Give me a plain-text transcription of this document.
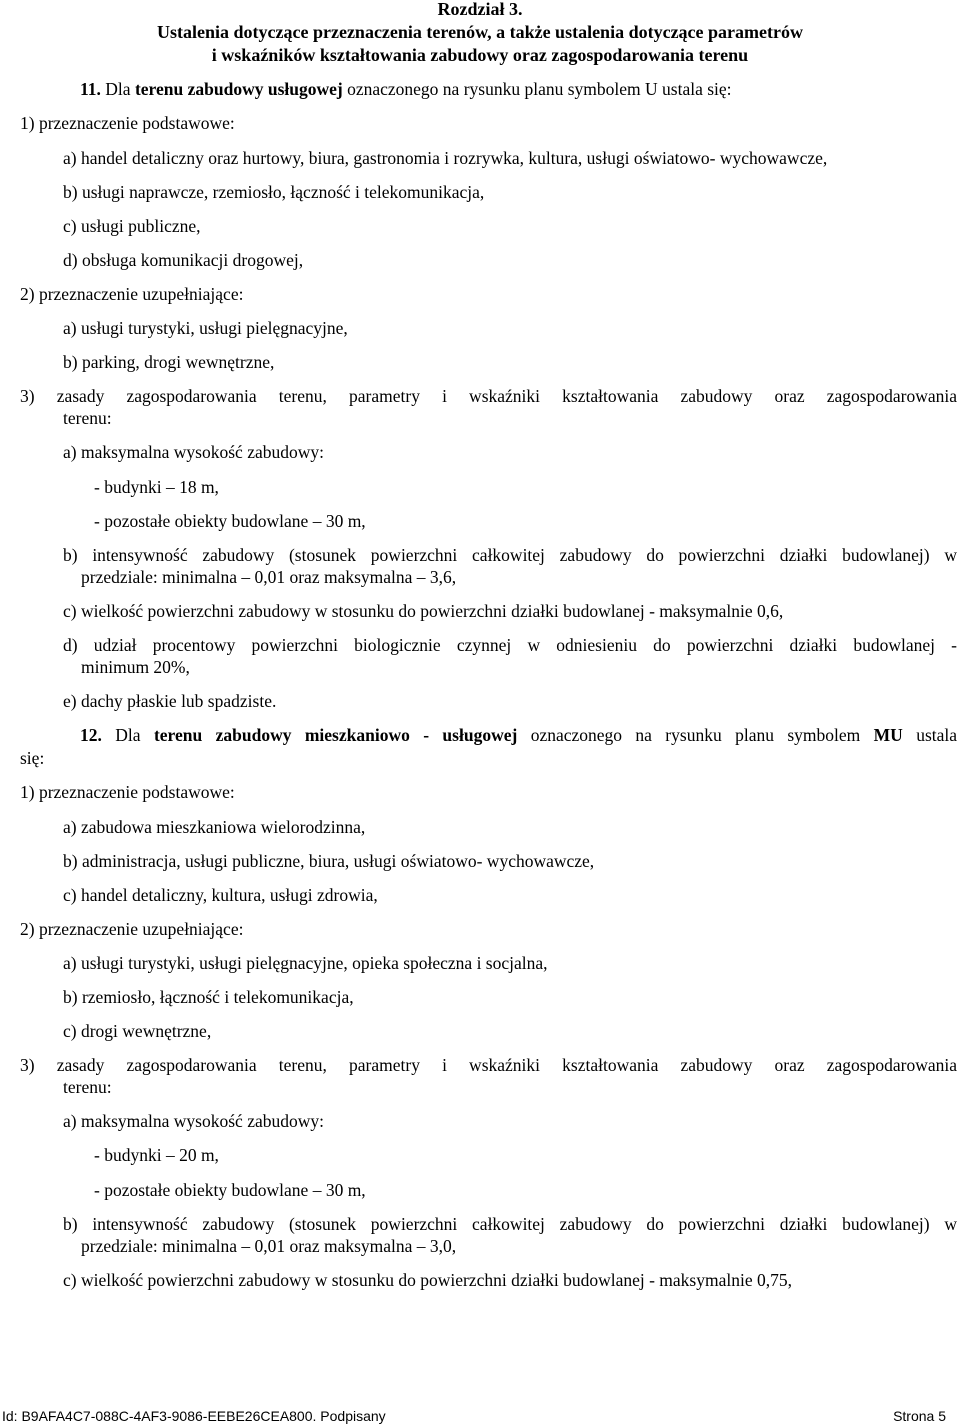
Rozdział 3.
Ustalenia dotyczące przeznaczenia terenów, a także ustalenia dotyczące parametrów
i wskaźników kształtowania zabudowy oraz zagospodarowania terenu
11. Dla terenu zabudowy usługowej oznaczonego na rysunku planu symbolem U ustala się:
1) przeznaczenie podstawowe:
a) handel detaliczny oraz hurtowy, biura, gastronomia i rozrywka, kultura, usługi oświatowo- wychowawcze,
b) usługi naprawcze, rzemiosło, łączność i telekomunikacja,
c) usługi publiczne,
d) obsługa komunikacji drogowej,
2) przeznaczenie uzupełniające:
a) usługi turystyki, usługi pielęgnacyjne,
b) parking, drogi wewnętrzne,
3) zasady zagospodarowania terenu, parametry i wskaźniki kształtowania zabudowy oraz zagospodarowania
terenu:
a) maksymalna wysokość zabudowy:
- budynki – 18 m,
- pozostałe obiekty budowlane – 30 m,
b) intensywność zabudowy (stosunek powierzchni całkowitej zabudowy do powierzchni działki budowlanej) w
przedziale: minimalna – 0,01 oraz maksymalna – 3,6,
c) wielkość powierzchni zabudowy w stosunku do powierzchni działki budowlanej - maksymalnie 0,6,
d) udział procentowy powierzchni biologicznie czynnej w odniesieniu do powierzchni działki budowlanej -
minimum 20%,
e) dachy płaskie lub spadziste.
12. Dla terenu zabudowy mieszkaniowo - usługowej oznaczonego na rysunku planu symbolem MU ustala
się:
1) przeznaczenie podstawowe:
a) zabudowa mieszkaniowa wielorodzinna,
b) administracja, usługi publiczne, biura, usługi oświatowo- wychowawcze,
c) handel detaliczny, kultura, usługi zdrowia,
2) przeznaczenie uzupełniające:
a) usługi turystyki, usługi pielęgnacyjne, opieka społeczna i socjalna,
b) rzemiosło, łączność i telekomunikacja,
c) drogi wewnętrzne,
3) zasady zagospodarowania terenu, parametry i wskaźniki kształtowania zabudowy oraz zagospodarowania
terenu:
a) maksymalna wysokość zabudowy:
- budynki – 20 m,
- pozostałe obiekty budowlane – 30 m,
b) intensywność zabudowy (stosunek powierzchni całkowitej zabudowy do powierzchni działki budowlanej) w
przedziale: minimalna – 0,01 oraz maksymalna – 3,0,
c) wielkość powierzchni zabudowy w stosunku do powierzchni działki budowlanej - maksymalnie 0,75,
Id: B9AFA4C7-088C-4AF3-9086-EEBE26CEA800. Podpisany	Strona 5
